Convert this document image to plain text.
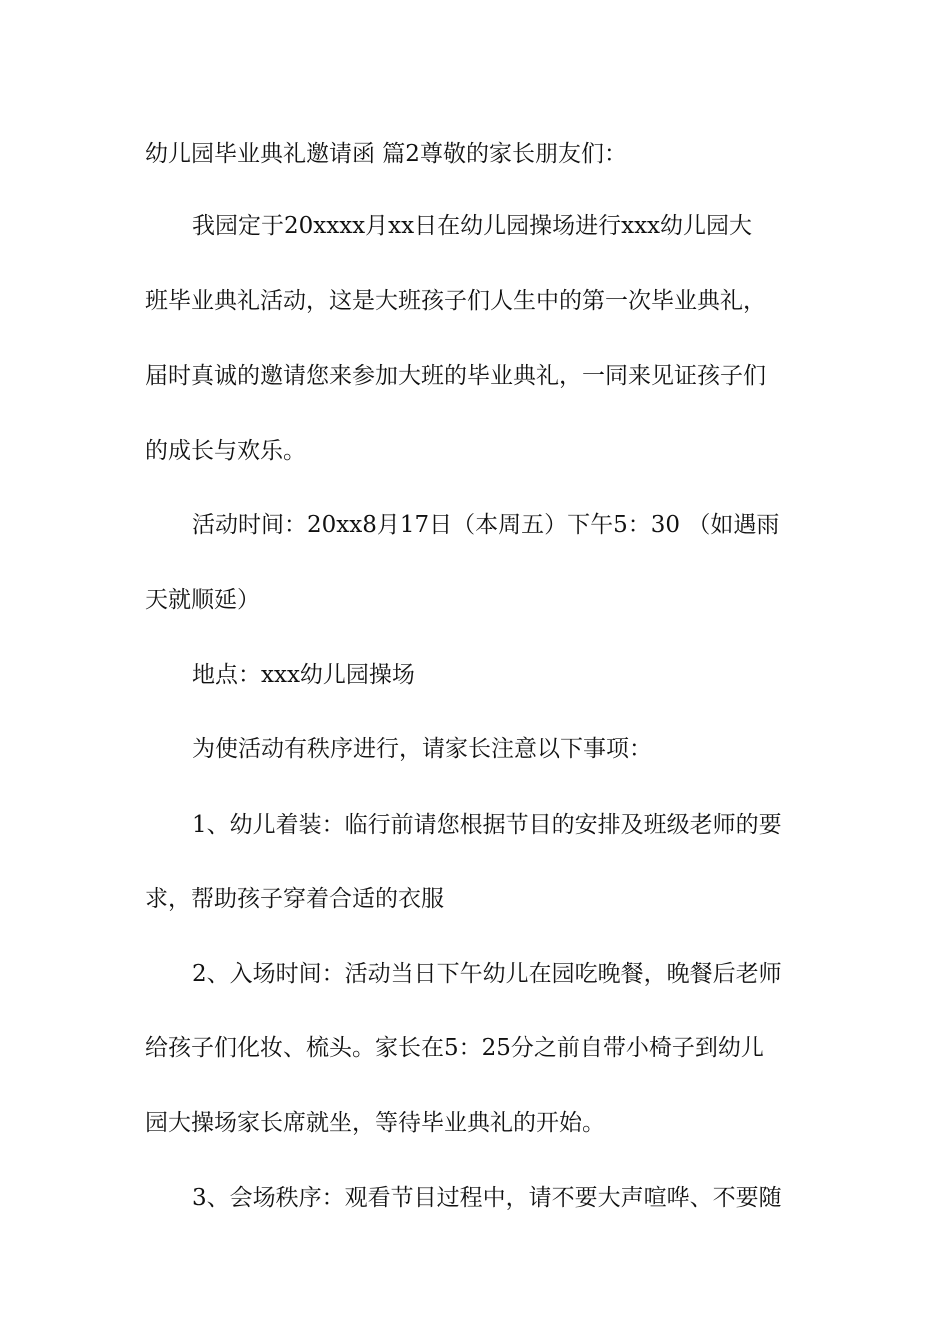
幼儿园毕业典礼邀请函 篇2尊敬的家长朋友们：
我园定于20xxxx月xx日在幼儿园操场进行xxx幼儿园大
班毕业典礼活动，这是大班孩子们人生中的第一次毕业典礼，
届时真诚的邀请您来参加大班的毕业典礼，一同来见证孩子们
的成长与欢乐。
活动时间：20xx8月17日（本周五）下午5：30 （如遇雨
天就顺延）
地点：xxx幼儿园操场
为使活动有秩序进行，请家长注意以下事项：
1、幼儿着装：临行前请您根据节目的安排及班级老师的要
求，帮助孩子穿着合适的衣服
2、入场时间：活动当日下午幼儿在园吃晚餐，晚餐后老师
给孩子们化妆、梳头。家长在5：25分之前自带小椅子到幼儿
园大操场家长席就坐，等待毕业典礼的开始。
3、会场秩序：观看节目过程中，请不要大声喧哗、不要随
